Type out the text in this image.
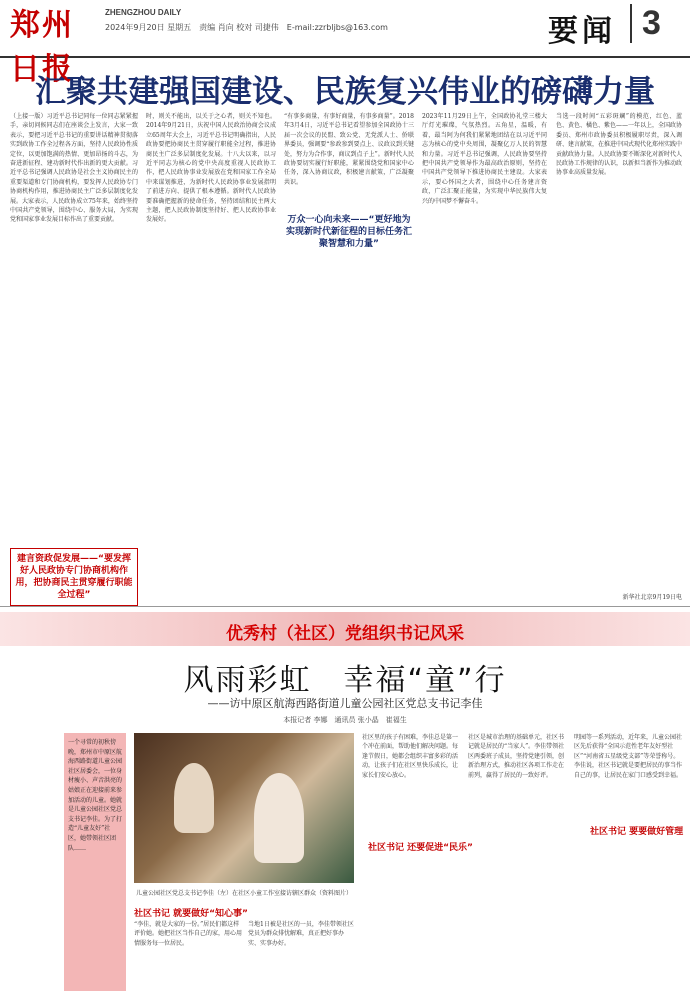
郑州日报
ZHENGZHOU DAILY
2024年9月20日 星期五　责编 肖向 校对 司捷伟　E-mail:zzrbljbs@163.com	要闻 3
汇聚共建强国建设、民族复兴伟业的磅礴力量
（上接一版）习近平总书记同每一位同志紧紧握手，亲切问候同志们在座谈会上发言，大家一致表示，要把习近平总书记的重要讲话精神贯彻落实到政协工作全过程各方面，坚持人民政协性质定位，以更加饱满的热情、更加昂扬的斗志，为奋进新征程、建功新时代作出新的更大贡献。习近平总书记强调人民政协是社会主义协商民主的重要渠道和专门协商机构，要发挥人民政协专门协商机构作用，推进协商民主广泛多层制度化发展。大家表示，人民政协成立75年来，始终坚持中国共产党领导，围绕中心、服务大局，为实现党和国家事业发展目标作出了重要贡献。
时，则关不能出，以关于之心者，则关不知也。2014年9月21日，庆祝中国人民政治协商会议成立65周年大会上，习近平总书记明确指出，人民政协要把协商民主贯穿履行职能全过程，推进协商民主广泛多层制度化发展。十八大以来，以习近平同志为核心的党中央高度重视人民政协工作，把人民政协事业发展放在党和国家工作全局中来谋划推进，为新时代人民政协事业发展指明了前进方向、提供了根本遵循。新时代人民政协要准确把握新的使命任务，坚持团结和民主两大主题，把人民政协制度坚持好、把人民政协事业发展好。
“有事多商量，有事好商量，有事多商量”。2018年3月4日，习近平总书记看望参加全国政协十三届一次会议的民盟、致公党、无党派人士、侨联界委员，强调要“参政参到要点上、议政议到关键处，努力为合作事，商议到点子上”。新时代人民政协要切实履行好职能，紧紧围绕党和国家中心任务，深入协商议政，积极建言献策，广泛凝聚共识。
万众一心向未来——“更好地为实现新时代新征程的目标任务汇聚智慧和力量”
2023年11月29日上午，全国政协礼堂三楼大厅灯光璀璨，气氛热烈。五角星，温暖，有着，最当阿为何我们紧紧地团结在以习近平同志为核心的党中央周围，凝聚亿万人民的智慧和力量。习近平总书记强调，人民政协要坚持把中国共产党领导作为最高政治原则，坚持在中国共产党领导下推进协商民主建设。大家表示，要心怀国之大者，围绕中心任务建言资政，广泛汇聚正能量，为实现中华民族伟大复兴的中国梦不懈奋斗。
当选一段时间“五彩斑斓”的模范，红色、蓝色、黄色、橘色、紫色——一年以上，全国政协委员、郑州市政协委员积极履职尽责，深入调研、建言献策，在推进中国式现代化郑州实践中贡献政协力量。人民政协要不断深化对新时代人民政协工作规律的认识，以新担当新作为推动政协事业高质量发展。
新华社北京9月19日电
建言资政促发展——“要发挥好人民政协专门协商机构作用，把协商民主贯穿履行职能全过程”
优秀村（社区）党组织书记风采
风雨彩虹　幸福“童”行
——访中原区航海西路街道儿童公园社区党总支书记李佳
本报记者 李娜　通讯员 张小晶　崔福生
一个寻常的初秋傍晚，郑州市中原区航海西路街道儿童公园社区居委会，一位身材瘦小、声音洪亮的姑娘正在迎接前来参加活动的儿童。她就是儿童公园社区党总支书记李佳。为了打造“儿童友好”社区，她带领社区团队……
儿童公园社区党总支书记李佳（左）在社区小童工作室接访辖区群众（资料图片）
社区书记 就要做好“知心事”
“李佳，就是大家的一份。”居民们都这样评价她。她把社区当作自己的家，用心用情服务每一位居民。
当地1日被是社区的一员，李佳带领社区党员为群众排忧解难，真正把好事办实、实事办好。
社区里的孩子有困难，李佳总是第一个冲在前面，帮助他们解决问题。每逢节假日，她都会组织丰富多彩的活动，让孩子们在社区里快乐成长，让家长们安心放心。
社区书记 还要促进“民乐”
社区是城市治理的基础单元，社区书记就是居民的“当家人”。李佳带领社区两委班子成员，坚持党建引领，创新治理方式，推动社区各项工作走在前列，赢得了居民的一致好评。
明园等一系列活动，近年来，儿童公园社区先后获得“全国示范性老年友好型社区”“河南省五星级党支部”等荣誉称号。李佳说，社区书记就是要把居民的事当作自己的事，让居民在家门口感受到幸福。
社区书记 要要做好管理
